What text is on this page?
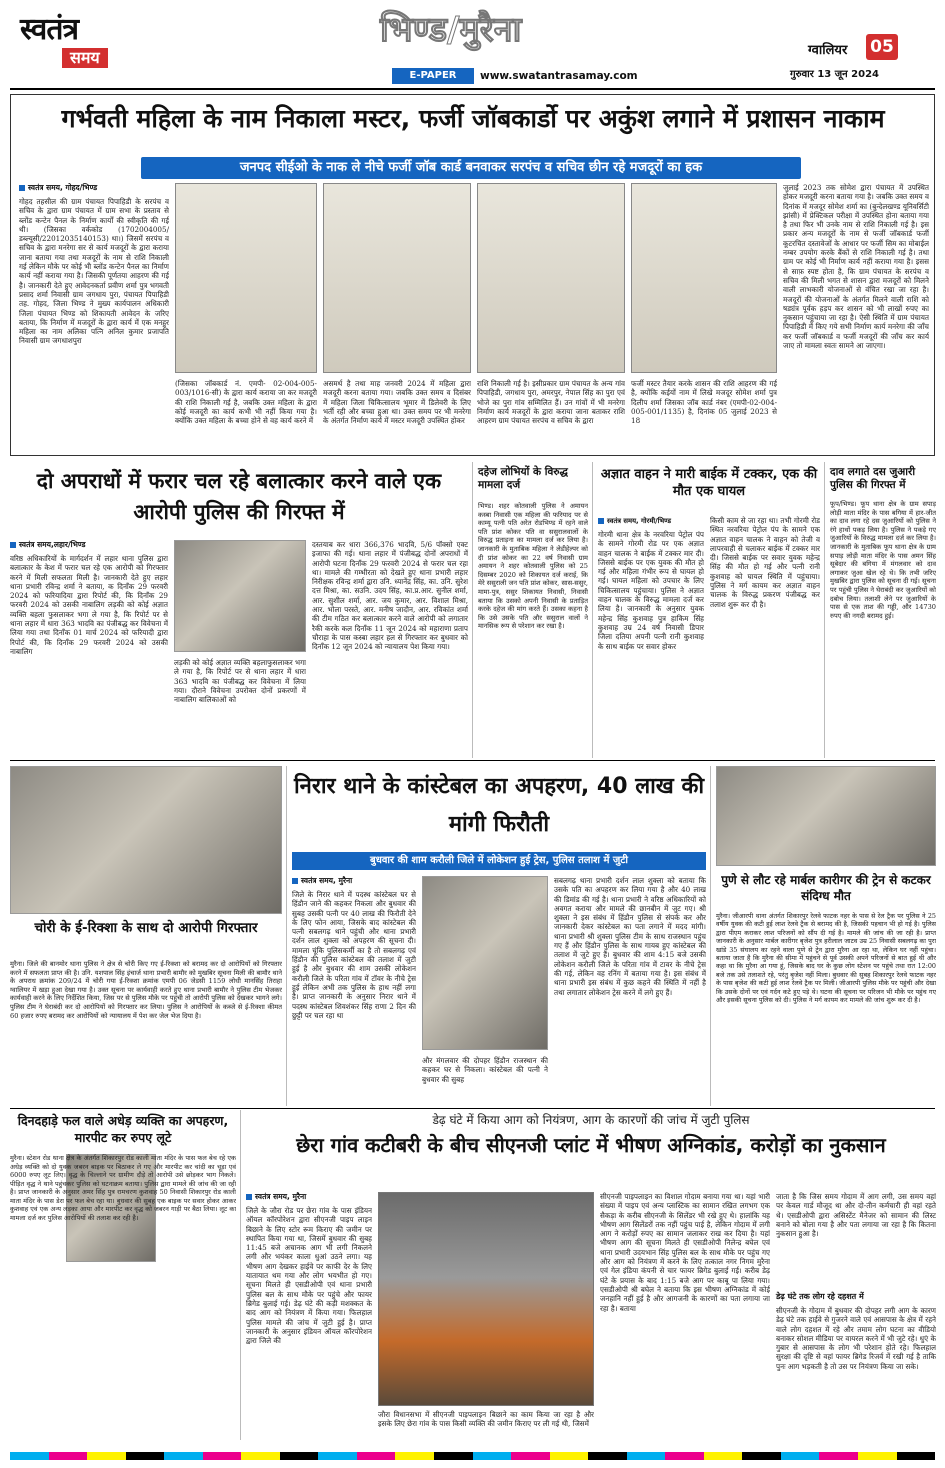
स्वतंत्र
समय
भिण्ड/मुरैना
E-PAPER	www.swatantrasamay.com
ग्वालियर 05
गुरुवार 13 जून 2024
गर्भवती महिला के नाम निकाला मस्टर, फर्जी जॉबकार्डो पर अकुंश लगाने में प्रशासन नाकाम
जनपद सीईओ के नाक ले नीचे फर्जी जॉब कार्ड बनवाकर सरपंच व सचिव छीन रहे मजदूरों का हक
स्वतंत्र समय, गोहद/भिण्ड
गोहद तहसील की ग्राम पंचायत पिपाहिडी के सरपंच व सचिव के द्वारा ग्राम पंचायत में ग्राम सभा के प्रस्ताव से ब्लोंड कन्टेन पैनल के निर्माण कार्यों की स्वीकृति की गई थी। (जिसका वर्ककोड (1702004005/डब्ल्यूसी/22012035140153) था।) जिसमें सरपंच व सचिव के द्वारा मनरेगा सर से कार्य मजदूरों के द्वारा कराया जाना बताया गया तथा मजदूरों के नाम से राशि निकाली गई लेकिन मौके पर कोई भी ब्लोंड कन्टेन पैनल का निर्माण कार्य नहीं कराया गया है। जिसकी पूर्णतया आहरण की गई है। जानकारी देते हुए आवेदनकर्ता प्रवीण शर्मा पुत्र भगवती प्रसाद शर्मा निवासी ग्राम जगधाय पुरा, पंचायत पिपाहिडी तह. गोहद, जिला भिण्ड ने मुख्य कार्यपालन अधिकारी जिला पंचायत भिण्ड को शिकायती आवेदन के जरिए बताया, कि निर्माण में मजदूरों के द्वारा कार्य में एक मनहुर महिला का नाम अलिका पत्नि अनिल कुमार प्रजापति निवासी ग्राम जगधाशपुरा
(जिसका जॉबकार्ड नं. एमपी- 02-004-005-003/1016-सी) के द्वारा कार्य कराया जा कर मजदूरी की राशि निकाली गई है, जबकि उक्त महिला के द्वारा कोई मजदूरी का कार्य कभी भी नहीं किया गया है। क्योंकि उक्त महिला के बच्चा होने से वह कार्य करने में
असमर्थ है तथा माह जनवरी 2024 में महिला द्वारा मजदूरी करना बताया गया। जबकि उक्त समय व दिसंबर में महिला जिला चिकित्सालय भूमार में डिलेवरी के लिए भर्ती रही और बच्चा हुआ था। उक्त समय पर भी मनरेगा के अंतर्गत निर्माण कार्य में मस्टर मजदूरी उपस्थित होकर
राशि निकाली गई है। इसीप्रकार ग्राम पंचायत के अन्य गांव पिपाहिडी, जगधाय पुरा, अमरपुर, नेपाल सिंह का पुरा एवं भोजे का पुरा गांव सम्मिलित हैं। उन गांवों में भी मनरेगा निर्माण कार्य मजदूरों के द्वारा कराया जाना बताकर राशि आहरण ग्राम पंचायत सरपंच व सचिव के द्वारा
फर्जी मस्टर तैयार करके शासन की राशि आहरण की गई है, क्योंकि कईयों नाम में लिखे मजदूर सोमेश शर्मा पुत्र दिलीप शर्मा जिसका जॉब कार्ड नंबर (एमपी-02-004-005-001/1135) है, दिनांक 05 जुलाई 2023 से 18
जुलाई 2023 तक सोमेश द्वारा पंचायत में उपस्थित होकर मजदूरी करना बताया गया है। जबकि उक्त समय व दिनांक में मजदूर सोमेश शर्मा का (बुन्देलखण्ड यूनिवर्सिटी झांसी) में प्रेक्टिकल परीक्षा में उपस्थित होना बताया गया है तथा फिर भी उनके नाम से राशि निकाली गई है। इस प्रकार अन्य मजदूरों के नाम से फर्जी जॉबकार्ड फर्जी कूटरचित दस्तावेजों के आधार पर फर्जी सिम का मोबाईल नम्बर उपयोग करके बैंकों से राशि निकाली गई है। तथा ग्राम पर कोई भी निर्माण कार्य नहीं कराया गया है। इसस से साफ़ स्पष्ट होता है, कि ग्राम पंचायत के सरपंच व सचिव की मिली भगत से शासन द्वारा मजदूरों को मिलने वाली लाभकारी योजनाओं से वंचित रखा जा रहा है। मजदूरों की योजनाओं के अंतर्गत मिलने वाली राशि को षड्यंत्र पूर्वक हड़प कर शासन को भी लाखों रुपए का नुकसान पहुंचाया जा रहा है। ऐसी स्थिति में ग्राम पंचायत पिपाहिडी में किए गये सभी निर्माण कार्य मनरेगा की जाँच कर फर्जी जॉबकार्ड व फर्जी मजदूरों की जाँच कर कार्य जाए तो मामला स्वतः सामने आ जाएगा।
दो अपराधों में फरार चल रहे बलात्कार करने वाले एक आरोपी पुलिस की गिरफ्त में
स्वतंत्र समय,लहार/भिण्ड
वरिष्ठ अधिकारियों के मार्गदर्शन में लहार थाना पुलिस द्वारा बलात्कार के केश में फरार चल रहे एक आरोपी को गिरफ्तार करने में मिली सफलता मिली है। जानकारी देते हुए लहार थाना प्रभारी रविन्द्र शर्मा ने बताया, क दिनाँक 29 फरवरी 2024 को फरियादिया द्वारा रिपोर्ट की, कि दिनाँक 29 फरवरी 2024 को उसकी नाबालिग लड़की को कोई अज्ञात व्यक्ति बहला फुसलाकर भगा ले गया है, कि रिपोर्ट पर से थाना लहार में धारा 363 भादवि का पंजीबद्ध कर विवेचना में लिया गया तथा दिनाँक 01 मार्च 2024 को फरियादी द्वारा रिपोर्ट की, कि दिनाँक 29 फरवरी 2024 को उसकी नाबालिग
लड़की को कोई अज्ञात व्यक्ति बहलाफुसलाकर भगा ले गया है, कि रिपोर्ट पर से थाना लहार में धारा 363 भादवि का पंजीबद्ध कर विवेचना में लिया गया। दौराने विवेचना उपरोक्त दोनों प्रकरणों में नाबालिग बालिकाओं को
दस्तयाब कर धारा 366,376 भादवि, 5/6 पॉक्सो एक्ट इजाफा की गई। थाना लहार में पंजीबद्ध दोनों अपराधों में आरोपी घटना दिनाँक 29 फरवरी 2024 से फरार चल रहा था। मामले की गम्भीरता को देखते हुए थाना प्रभारी लहार निरीक्षक रविन्द्र शर्मा द्वारा उनि. ध्यानेंद्र सिंह, का. उनि. सुरेश दत्त मिश्रा, का. सउनि. उदय सिंह, का.प्र.आर. सुनील शर्मा, आर. सुशील शर्मा, आर. जय कुमार, आर. विशाल मिश्रा, आर. भोला परस्ते, आर. मनीष जादौन, आर. रविकांत शर्मा की टीम गठित कर बलात्कार करने वाले आरोपी को लगातार रैकी करके कल दिनाँक 11 जून 2024 को महाराणा प्रताप चौराहा के पास कस्बा लहार हल से गिरफ्तार कर बुधवार को दिनाँक 12 जून 2024 को न्यायालय पेश किया गया।
दहेज लोभियों के विरुद्ध मामला दर्ज
भिण्ड। शहर कोतवाली पुलिस ने अमायन कस्बा निवासी एक महिला की फरियाद पर से काम्यू पत्नी पति अरेत रोडभिण्ड में रहने वाले पति प्रांश कोकर पति वा ससुरालवालों के विरुद्ध प्रताड़ना का मामला दर्ज कर लिया है। जानकारी के मुताबिक महिला ने लेडीहेल्पर को दी प्रांश कोकर का 22 वर्ष निवासी ग्राम अमायन ने शहर कोतवाली पुलिस को 25 दिसम्बर 2020 को शिकायत दर्ज कराई, कि मेरे ससुराली जन पति प्रांश कोकर, सास-ससुर, मामा-पुत्र, ससुर शिकायत निवासी, निवासी बताया कि उसको अपनी निवासी के प्रताड़ित करके दहेज की मांग करते हैं। उसका कहना है कि उसे उसके पति और ससुराल वालों ने मानसिक रूप से परेशान कर रखा है।
अज्ञात वाहन ने मारी बाईक में टक्कर, एक की मौत एक घायल
स्वतंत्र समय, गोरमी/भिण्ड
गोरमी थाना क्षेत्र के नरवरिया पेट्रोल पंप के सामने गोरमी रोड पर एक अज्ञात वाहन चालक ने बाईक में टक्कर मार दी। जिससे बाईक पर एक युवक की मौत हो गई और महिला गंभीर रूप से घायल हो गई। घायल महिला को उपचार के लिए चिकित्सालय पहुंचाया। पुलिस ने अज्ञात वाहन चालक के विरुद्ध मामला दर्ज कर लिया है। जानकारी के अनुसार युवक महेन्द्र सिंह कुशवाह पुत्र हाकिम सिंह कुशवाह उम्र 24 वर्ष निवासी डिपार जिला दतिया अपनी पत्नी रानी कुशवाह के साथ बाईक पर सवार होकर
किसी काम से जा रहा था। तभी गोरमी रोड स्थित नरवरिया पेट्रोल पंप के सामने एक अज्ञात वाहन चालक ने वाहन को तेजी व लापरवाही से चलाकर बाईक में टक्कर मार दी। जिससे बाईक पर सवार युवक महेन्द्र सिंह की मौत हो गई और पत्नी रानी कुशवाह को घायल स्थिति में पहुंचाया। पुलिस ने मर्ग कायम कर अज्ञात वाहन चालक के विरुद्ध प्रकरण पंजीबद्ध कर तलाश शुरू कर दी है।
दाव लगाते दस जुआरी पुलिस की गिरफ्त में
फूप/भिण्ड। फूप थाना क्षेत्र के ग्राम सपाड़ लोड़ी माता मंदिर के पास बगिया में हार-जीत का दाव लगा रहे दस जुआरियों को पुलिस ने रंगे हाथों पकड़ लिया है। पुलिस ने पकड़े गए जुआरियों के विरुद्ध मामला दर्ज कर लिया है। जानकारी के मुताबिक फूप थाना क्षेत्र के ग्राम सपाड़ लोड़ी माता मंदिर के पास अमन सिंह सूबेदार की बगिया में मंगलवार को दाव लगाकर जुआ खेल रहे थे। कि तभी जरिए मुखबिर द्वारा पुलिस को सूचना दी गई। सूचना पर पहुंची पुलिस ने घेराबंदी कर जुआरियों को दबोच लिया। तलाशी लेने पर जुआरियों के पास से एक ताश की गड्डी, और 14730 रुपए की नगदी बरामद हुई।
चोरी के ई-रिक्शा के साथ दो आरोपी गिरफ्तार
मुरैना। जिले की बानमोर थाना पुलिस ने क्षेत्र से चोरी किए गए ई-रिक्शा को बरामद कर दो आरोपियों को गिरफ्तार करने में सफलता प्राप्त की है। उनि. यशपाल सिंह इंचार्ज थाना प्रभारी बामौर को मुखबिर सूचना मिली की बामौर थाने के अपराध क्रमांक 209/24 में चोरी गया ई-रिक्शा क्रमांक एमपी 06 जेडसी 1159 लोधी मानसिंह तिराहा ग्वालियर में खड़ा हुआ देखा गया है। उक्त सूचना पर कार्यवाही करते हुए थाना प्रभारी बामौर ने पुलिस टीम भेजकर कार्यवाही करने के लिए निर्देशित किया, जिस पर से पुलिस मौके पर पहुंची तो आरोपी पुलिस को देखकर भागने लगे। पुलिस टीम ने घेराबंदी कर दो आरोपियों को गिरफ्तार कर लिया। पुलिस ने आरोपियों के कब्जे से ई-रिक्शा कीमत 60 हजार रुपए बरामद कर आरोपियों को न्यायालय में पेश कर जेल भेज दिया है।
निरार थाने के कांस्टेबल का अपहरण, 40 लाख की मांगी फिरौती
बुधवार की शाम करौली जिले में लोकेशन हुई ट्रेस, पुलिस तलाश में जुटी
स्वतंत्र समय, मुरैना
जिले के निरार थाने में पदस्थ कांस्टेबल घर से हिंडौन जाने की कहकर निकला और बुधवार की सुबह उसकी पत्नी पर 40 लाख की फिरौती देने के लिए फोन आया, जिसके बाद कांस्टेबल की पत्नी सबलगढ़ थाने पहुंची और थाना प्रभारी दर्शन लाल शुक्ला को अपहरण की सूचना दी। मामला चूंकि पुलिसकर्मी का है तो सबलगढ़ एवं हिंडौन की पुलिस कांस्टेबल की तलाश में जुटी हुई है और बुधवार की शाम उसकी लोकेशन करौली जिले के परिता गांव में टॉवर के नीचे ट्रेस हुई लेकिन अभी तक पुलिस के हाथ नहीं लगा है। प्राप्त जानकारी के अनुसार निरार थाने में पदस्थ कांस्टेबल शिवशंकर सिंह राणा 2 दिन की छुट्टी पर चल रहा था
और मंगलवार की दोपहर हिंडौन राजस्थान की कहकर घर से निकला। कांस्टेबल की पत्नी ने बुधवार की सुबह
सबलगढ़ थाना प्रभारी दर्शन लाल शुक्ला को बताया कि उसके पति का अपहरण कर लिया गया है और 40 लाख की डिमांड की गई है। थाना प्रभारी ने वरिष्ठ अधिकारियों को अवगत कराया और मामले की छानबीन में जुट गए। श्री शुक्ला ने इस संबंध में हिंडौन पुलिस से संपर्क कर और जानकारी देकर कांस्टेबल का पता लगाने में मदद मांगी। थाना प्रभारी श्री शुक्ला पुलिस टीम के साथ राजस्थान पहुंच गए हैं और हिंडौन पुलिस के साथ गायब हुए कांस्टेबल की तलाश में जुटे हुए हैं। बुधवार की शाम 4:15 बजे उसकी लोकेशन करौली जिले के परिता गांव में टावर के नीचे ट्रेस की गई, लेकिन वह रनिंग में बताया गया है। इस संबंध में थाना प्रभारी इस संबंध में कुछ कहने की स्थिति में नहीं है तथा लगातार लोकेशन ट्रेस करने में लगे हुए हैं।
पुणे से लौट रहे मार्बल कारीगर की ट्रेन से कटकर संदिग्ध मौत
मुरैना। जीआरपी थाना अंतर्गत शिकारपुर रेलवे फाटक नहर के पास से रेल ट्रैक पर पुलिस ने 25 वर्षीय युवक की कटी हुई लाश रेलवे ट्रैक से बरामद की है, जिसकी पहचान भी हो गई है। पुलिस द्वारा पीएम कराकर लाश परिजनों को सौंप दी गई है। मामले की जांच की जा रही है। प्राप्त जानकारी के अनुसार मार्बल कारीगर बृजेश पुत्र हरीलाल जाटव उम्र 25 निवासी सबलगढ़ का पुरा खांडे 35 संघालय का रहने वाला पुणे से ट्रेन द्वारा मुरैना आ रहा था, लेकिन घर नहीं पहुंचा। बताया जाता है कि मुरैना की सीमा में पहुंचने से पूर्व उसकी अपने परिजनों से बात हुई थी और कहा था कि मुरैना आ गया हूं, जिसके बाद घर के कुछ लोग स्टेशन पर पहुंचे तथा रात 12:00 बजे तक उसे तलाशते रहे, परंतु बृजेश नहीं मिला। बुधवार की सुबह शिकारपुर रेलवे फाटक नहर के पास बृजेश की कटी हुई लाश रेलवे ट्रैक पर मिली। जीआरपी पुलिस मौके पर पहुंची और देखा कि उसके दोनों पर एवं गर्दन कटे हुए पड़े थे। घटना की सूचना पर परिजन भी मौके पर पहुंच गए और इसकी सूचना पुलिस को दी। पुलिस ने मर्ग कायम कर मामले की जांच शुरू कर दी है।
दिनदहाड़े फल वाले अधेड़ व्यक्ति का अपहरण, मारपीट कर रुपए लूटे
मुरैना। स्टेशन रोड थाना क्षेत्र के अंतर्गत शिकारपुर रोड काली माता मंदिर के पास फल बेच रहे एक अधेड़ व्यक्ति को दो युवक जबरन बाइक पर बिठाकर ले गए और मारपीट कर चांदी का चूड़ा एवं 6000 रुपए लूट लिए। वृद्ध के चिल्लाने पर ग्रामीण दौड़े तो आरोपी उसे छोड़कर भाग निकले। पीड़ित वृद्ध ने थाने पहुंचकर पुलिस को घटनाक्रम बताया। पुलिस द्वारा मामले की जांच की जा रही है। प्राप्त जानकारी के अनुसार अमर सिंह पुत्र रामचरण कुशवाह 50 निवासी शिकारपुर रोड काली माता मंदिर के पास डेरा पर फल बेच रहा था। बुधवार की सुबह एक बाइक पर सवार होकर आकर कुशवाह एवं एक अन्य लड़का आया और मारपीट कर वृद्ध को जबरन गाड़ी पर बैठा लिया। लूट का मामला दर्ज कर पुलिस आरोपियों की तलाश कर रही है।
डेढ़ घंटे में किया आग को नियंत्रण, आग के कारणों की जांच में जुटी पुलिस
छेरा गांव कटीबरी के बीच सीएनजी प्लांट में भीषण अग्निकांड, करोड़ों का नुकसान
स्वतंत्र समय, मुरैना
जिले के जौरा रोड पर छेरा गांव के पास इंडियन ऑयल कॉरपोरेशन द्वारा सीएनजी पाइप लाइन बिछाने के लिए स्टोर रूम किराए की जमीन पर स्थापित किया गया था, जिसमें बुधवार की सुबह 11:45 बजे अचानक आग भी लगी निकलने लगी और भयंकर काला धुआं उठने लगा। यह भीषण आग देखकर हाईवे पर काफी देर के लिए यातायात थम गया और लोग भयभीत हो गए। सूचना मिलते ही एसडीओपी एवं थाना प्रभारी पुलिस बल के साथ मौके पर पहुंचे और फायर ब्रिगेड बुलाई गई। डेढ़ घंटे की कड़ी मशक्कत के बाद आग को नियंत्रण में किया गया। फिलहाल पुलिस मामले की जांच में जुटी हुई है। प्राप्त जानकारी के अनुसार इंडियन ऑयल कॉरपोरेशन द्वारा जिले की
जौरा विधानसभा में सीएनजी पाइपलाइन बिछाने का काम किया जा रहा है और इसके लिए छेरा गांव के पास किसी व्यक्ति की जमीन किराए पर ली गई थी, जिसमें
सीएनजी पाइपलाइन का विशाल गोदाम बनाया गया था। यहां भारी संख्या में पाइप एवं अन्य प्लास्टिक का सामान रखित लगभग एक सैकड़ा के करीब सीएनजी के सिलेंडर भी रखे हुए थे। हालांकि यह भीषण आग सिलेंडरों तक नहीं पहुंच पाई है, लेकिन गोदाम में लगी आग ने करोड़ों रुपए का सामान जलाकर राख कर दिया है। यहां भीषण आग की सूचना मिलते ही एसडीओपी निलेन्द्र बघेल एवं थाना प्रभारी उदयभान सिंह पुलिस बल के साथ मौके पर पहुंच गए और आग को नियंत्रण में करने के लिए तत्काल नगर निगम मुरैना एवं गेल इंडिया कंपनी से चार फायर ब्रिगेड बुलाई गई। करीब डेढ़ घंटे के प्रयास के बाद 1:15 बजे आग पर काबू पा लिया गया। एसडीओपी श्री बघेल ने बताया कि इस भीषण अग्निकांड में कोई जनहानि नहीं हुई है और आगजनी के कारणों का पता लगाया जा रहा है। बताया
जाता है कि जिस समय गोदाम में आग लगी, उस समय वहां पर केवल गार्ड मौजूद था और दो-तीन कर्मचारी ही वहां रहते थे। एसडीओपी द्वारा असिस्टेंट मैनेजर को सामान की लिस्ट बनाने को बोला गया है और पता लगाया जा रहा है कि कितना नुकसान हुआ है।
डेढ़ घंटे तक लोग रहे दहशत में
सीएनजी के गोदाम में बुधवार की दोपहर लगी आग के कारण डेढ़ घंटे तक हाईवे से गुजरने वाले एवं आसपास के क्षेत्र में रहने वाले लोग दहशत में रहे और तमाम लोग घटना का वीडियो बनाकर सोशल मीडिया पर वायरल करने में भी जुटे रहे। धुएं के गुबार से आसपास के लोग भी परेशान होते रहे। फिलहाल सुरक्षा की दृष्टि से वहां फायर ब्रिगेड रिजर्व में रखी गई है ताकि पुनः आग भड़कती है तो उस पर नियंत्रण किया जा सके।
